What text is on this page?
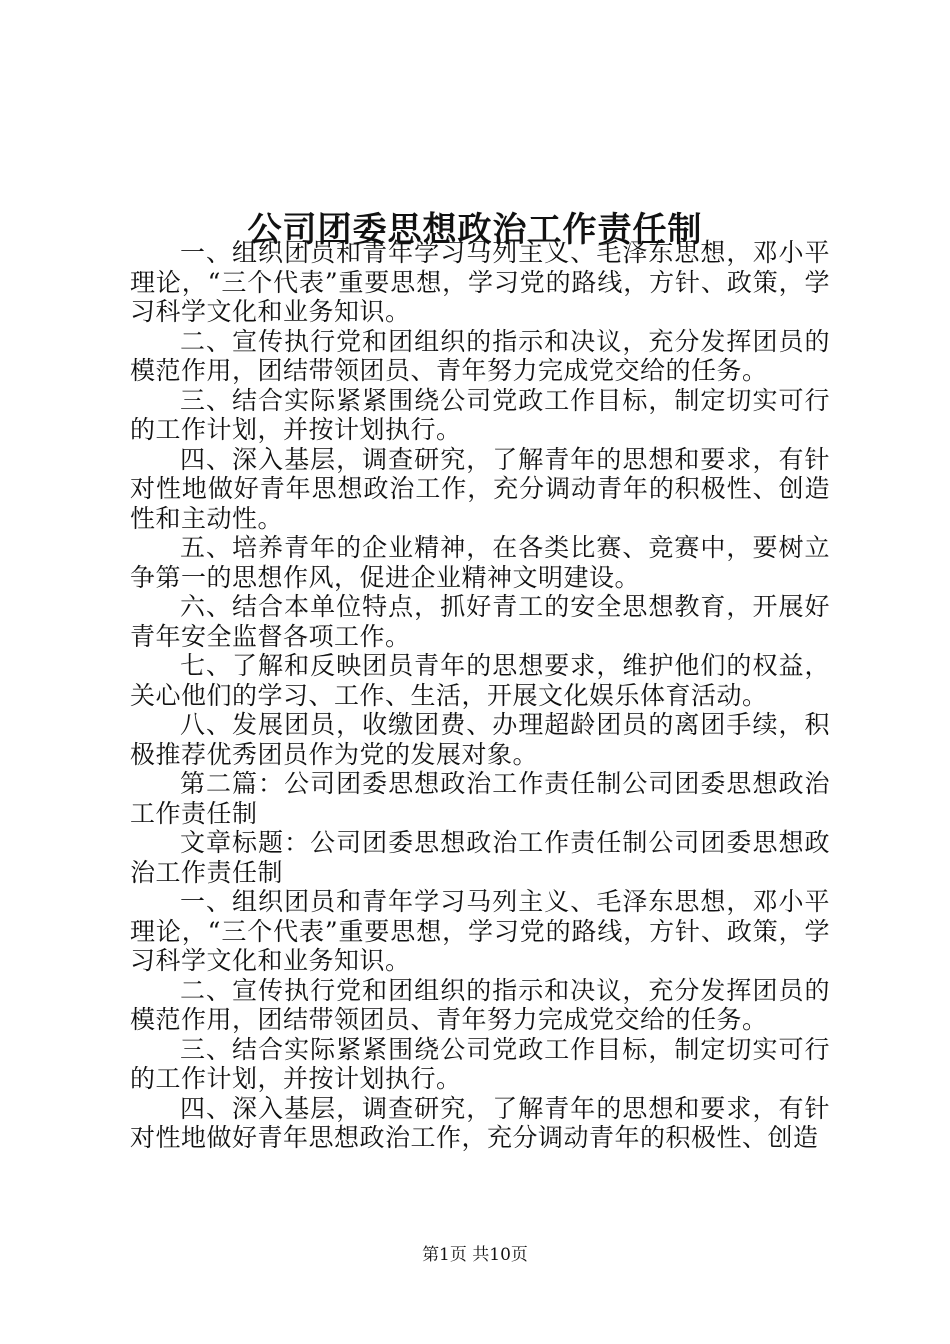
公司团委思想政治工作责任制

一、组织团员和青年学习马列主义、毛泽东思想，邓小平理论，“三个代表”重要思想，学习党的路线，方针、政策，学习科学文化和业务知识。

二、宣传执行党和团组织的指示和决议，充分发挥团员的模范作用，团结带领团员、青年努力完成党交给的任务。

三、结合实际紧紧围绕公司党政工作目标，制定切实可行的工作计划，并按计划执行。

四、深入基层，调查研究，了解青年的思想和要求，有针对性地做好青年思想政治工作，充分调动青年的积极性、创造性和主动性。

五、培养青年的企业精神，在各类比赛、竞赛中，要树立争第一的思想作风，促进企业精神文明建设。

六、结合本单位特点，抓好青工的安全思想教育，开展好青年安全监督各项工作。

七、了解和反映团员青年的思想要求，维护他们的权益，关心他们的学习、工作、生活，开展文化娱乐体育活动。

八、发展团员，收缴团费、办理超龄团员的离团手续，积极推荐优秀团员作为党的发展对象。

第二篇：公司团委思想政治工作责任制公司团委思想政治工作责任制

文章标题：公司团委思想政治工作责任制公司团委思想政治工作责任制

一、组织团员和青年学习马列主义、毛泽东思想，邓小平理论，“三个代表”重要思想，学习党的路线，方针、政策，学习科学文化和业务知识。

二、宣传执行党和团组织的指示和决议，充分发挥团员的模范作用，团结带领团员、青年努力完成党交给的任务。

三、结合实际紧紧围绕公司党政工作目标，制定切实可行的工作计划，并按计划执行。

四、深入基层，调查研究，了解青年的思想和要求，有针对性地做好青年思想政治工作，充分调动青年的积极性、创造

第1页 共10页
